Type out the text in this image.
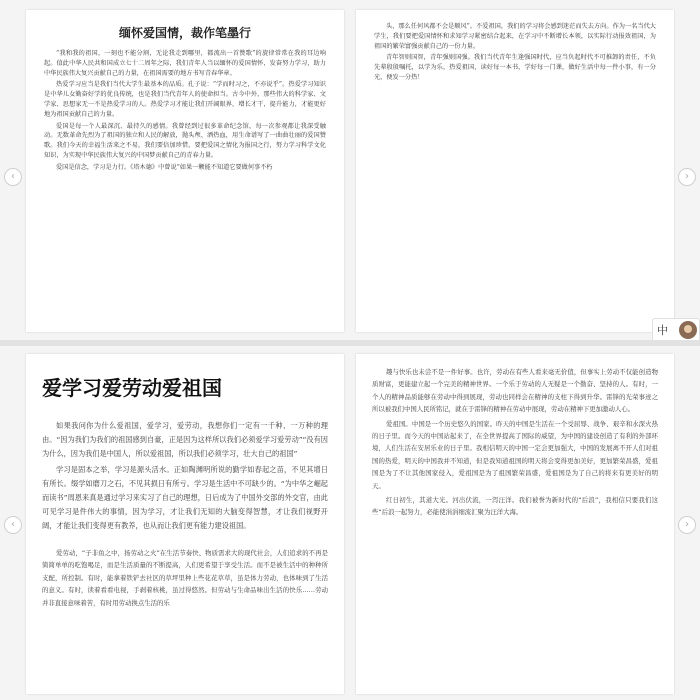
‹
缅怀爱国情，裁作笔墨行

“我和我的祖国，一刻也不能分割，无论我走到哪里，都流出一首赞歌”的旋律常常在我的耳边响起。值此中华人民共和国成立七十二周年之际，我们青年人当以缅怀的爱国情怀，发奋努力学习，助力中华民族伟大复兴贡献自己的力量，在祖国需要的地方书写青春华章。

热爱学习应当是我们当代大学生最基本的品质。孔子说：“学而时习之，不亦说乎”。热爱学习知识是中华儿女勤奋好学的优良传统，也是我们当代青年人的使命担当。古今中外，那些伟大的科学家、文学家、思想家无一不是热爱学习的人。热爱学习才能让我们开阔眼界，增长才干，提升能力，才能更好地为祖国贡献自己的力量。

爱国是每一个人最深沉、最持久的感情。我曾经到过很多革命纪念馆，每一次参观都让我深受触动。无数革命先烈为了祖国的独立和人民的解放，抛头颅、洒热血，用生命谱写了一曲曲壮丽的爱国赞歌。我们今天的幸福生活来之不易，我们要倍加珍惜，要把爱国之情化为报国之行，努力学习科学文化知识，为实现中华民族伟大复兴的中国梦贡献自己的青春力量。

爱国是信念，学习是力行。《塔木德》中曾说“如果一颗能不知道它要做何事不朽

头，那么任何风都不会是顺风”。不爱祖国，我们的学习将会感到迷茫而失去方向。作为一名当代大学生，我们要把爱国情怀和求知学习紧密结合起来，在学习中不断增长本领，以实际行动报效祖国，为祖国的繁荣富强贡献自己的一份力量。

青年智则国智，青年强则国强。我们当代青年生逢强国时代，应当负起时代不可推卸的责任，不负先辈殷殷嘱托，以学为乐，热爱祖国，读好每一本书，学好每一门课，做好生活中每一件小事，有一分光，便发一分热！

›
中
‹
爱学习爱劳动爱祖国

如果我问你为什么爱祖国，爱学习，爱劳动，我想你们一定有一千种、一万种的理由。“因为我们为我们的祖国感到自豪，正是因为这样所以我们必须爱学习爱劳动”“没有因为什么，因为我们是中国人，所以爱祖国，所以我们必须学习，壮大自己的祖国”

学习是固本之举，学习是源头活水。正如陶渊明所说的勤学如春起之苗，不见其增日有所长。缀学如磨刀之石，不见其损日有所亏。学习是生活中不可缺少的。“为中华之崛起而读书”周恩来真是通过学习来实习了自己的理想，日后成为了中国外交部的外交官，由此可见学习是件伟大的事情，因为学习，才让我们无知的大脑变得智慧，才让我们视野开阔，才能让我们变得更有教养，也从而让我们更有能力建设祖国。

爱劳动，“子非鱼之中，扬劳动之火”在生活节奏快、物质需求大的现代社会，人们追求的不再是简简单单的吃饱喝足，而是生活质量的不断提高，人们更希望于享受生活。而不是被生活中的种种所支配，所控制。有时，能拿着铁铲去社区的草坪里种上些花花草草，虽是体力劳动，也体味到了生活的意义。有时，读着看看电视，手剥着核桃，虽过得悠然。但劳动与生命品味出生活的快乐……劳动并非直接意味着苦，有时用劳动换点生活的乐

趣与快乐也未尝不是一件好事。也许，劳动在有些人看来毫无价值，但事实上劳动不仅能创造物质财富，更能建立起一个完美的精神世界。一个乐于劳动的人无疑是一个勤奋、坚持的人。有时，一个人的精神品质能够在劳动中得到展现，劳动也同样会在精神的支柱下得到升华。雷锋的光荣事迹之所以被我们中国人民所铭记，就在于雷锋的精神在劳动中展现，劳动在精神下更加激动人心。

爱祖国。中国是一个历史悠久的国家。昨天的中国是生活在一个受屈辱、战争、艰辛和水深火热的日子里。而今天的中国站起来了，在全世界提高了国际的威望，为中国的建设创造了有利的外部环境，人们生活在安居乐业的日子里。我相信明天的中国一定会更加强大，中国的发展离不开人们对祖国的热爱，明天的中国我并不知道，但是我知道祖国的明天将会变得更加美好，更加繁荣昌盛，爱祖国是为了不让其他国家侵入，爱祖国是为了祖国繁荣昌盛，爱祖国是为了自己的将来有更美好的明天。

红日初生，其道大光。河出伏流，一泻汪洋。我们被誉为新时代的“后浪”，我相信只要我们这些“后浪一起努力，必能使涓涓细流汇聚为汪洋大海。

›
